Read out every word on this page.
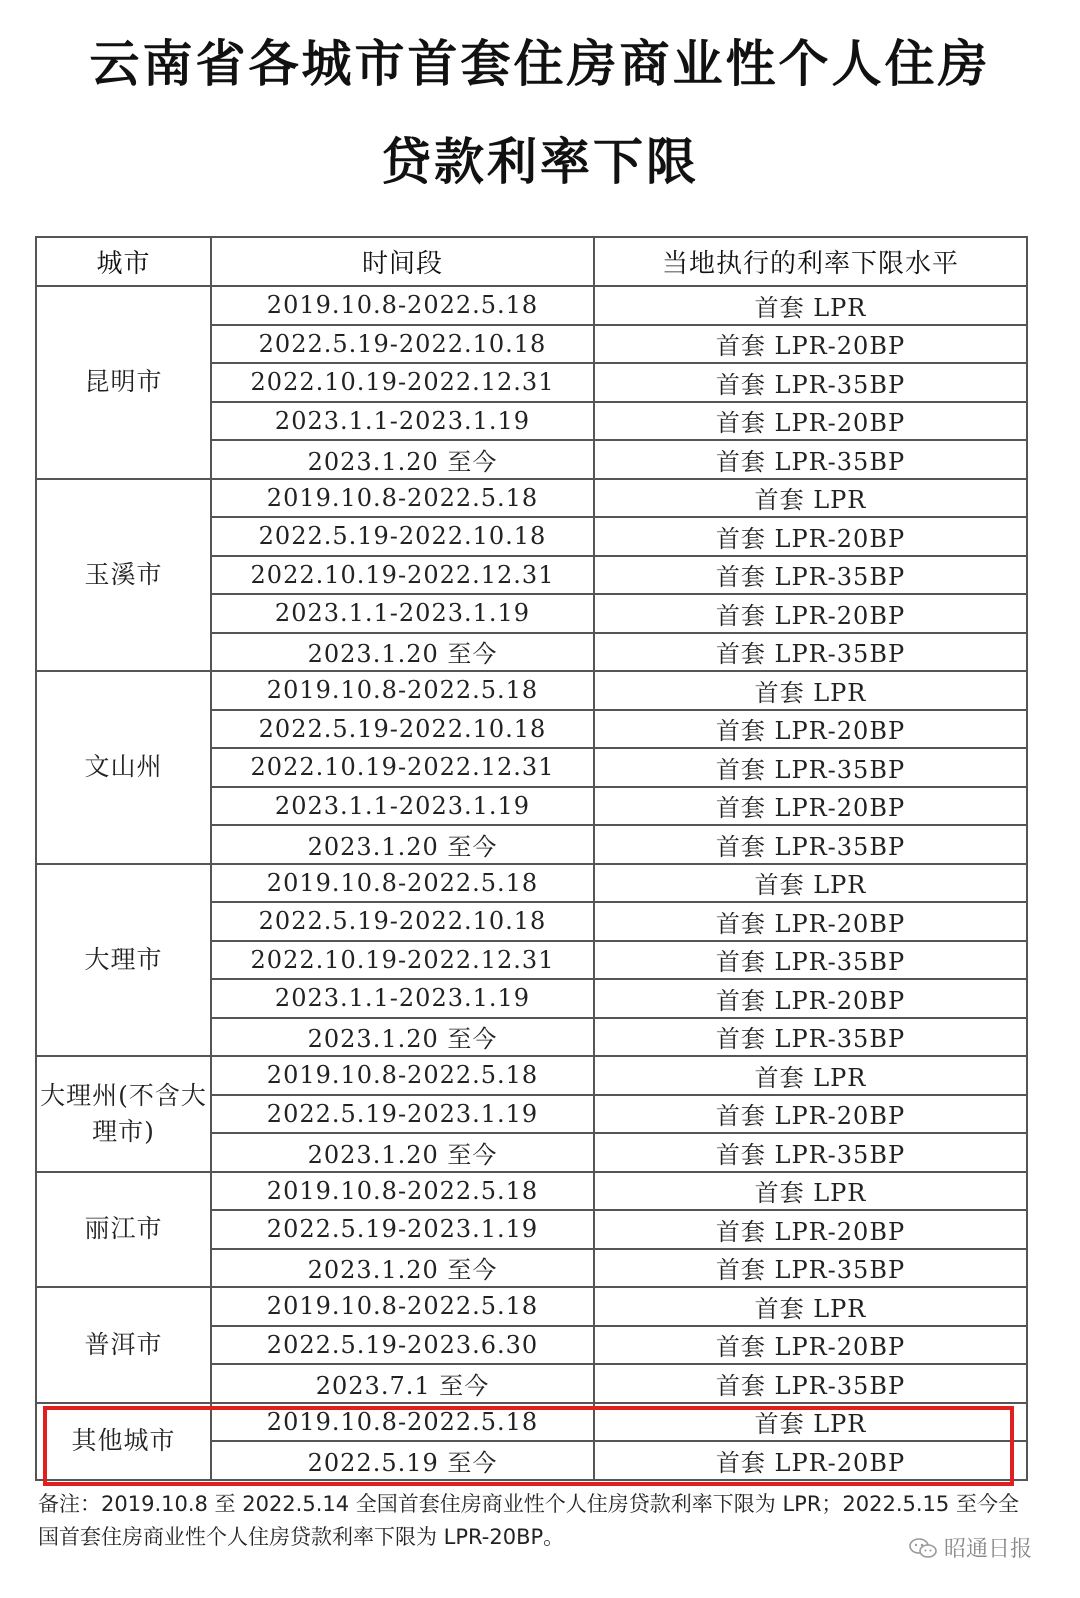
云南省各城市首套住房商业性个人住房
贷款利率下限
城市	时间段	当地执行的利率下限水平
昆明市	2019.10.8-2022.5.18	首套 LPR
	2022.5.19-2022.10.18	首套 LPR-20BP
	2022.10.19-2022.12.31	首套 LPR-35BP
	2023.1.1-2023.1.19	首套 LPR-20BP
	2023.1.20 至今	首套 LPR-35BP
玉溪市	2019.10.8-2022.5.18	首套 LPR
	2022.5.19-2022.10.18	首套 LPR-20BP
	2022.10.19-2022.12.31	首套 LPR-35BP
	2023.1.1-2023.1.19	首套 LPR-20BP
	2023.1.20 至今	首套 LPR-35BP
文山州	2019.10.8-2022.5.18	首套 LPR
	2022.5.19-2022.10.18	首套 LPR-20BP
	2022.10.19-2022.12.31	首套 LPR-35BP
	2023.1.1-2023.1.19	首套 LPR-20BP
	2023.1.20 至今	首套 LPR-35BP
大理市	2019.10.8-2022.5.18	首套 LPR
	2022.5.19-2022.10.18	首套 LPR-20BP
	2022.10.19-2022.12.31	首套 LPR-35BP
	2023.1.1-2023.1.19	首套 LPR-20BP
	2023.1.20 至今	首套 LPR-35BP
大理州(不含大理市)	2019.10.8-2022.5.18	首套 LPR
	2022.5.19-2023.1.19	首套 LPR-20BP
	2023.1.20 至今	首套 LPR-35BP
丽江市	2019.10.8-2022.5.18	首套 LPR
	2022.5.19-2023.1.19	首套 LPR-20BP
	2023.1.20 至今	首套 LPR-35BP
普洱市	2019.10.8-2022.5.18	首套 LPR
	2022.5.19-2023.6.30	首套 LPR-20BP
	2023.7.1 至今	首套 LPR-35BP
其他城市	2019.10.8-2022.5.18	首套 LPR
	2022.5.19 至今	首套 LPR-20BP
备注：2019.10.8 至 2022.5.14 全国首套住房商业性个人住房贷款利率下限为 LPR；2022.5.15 至今全国首套住房商业性个人住房贷款利率下限为 LPR-20BP。	昭通日报
